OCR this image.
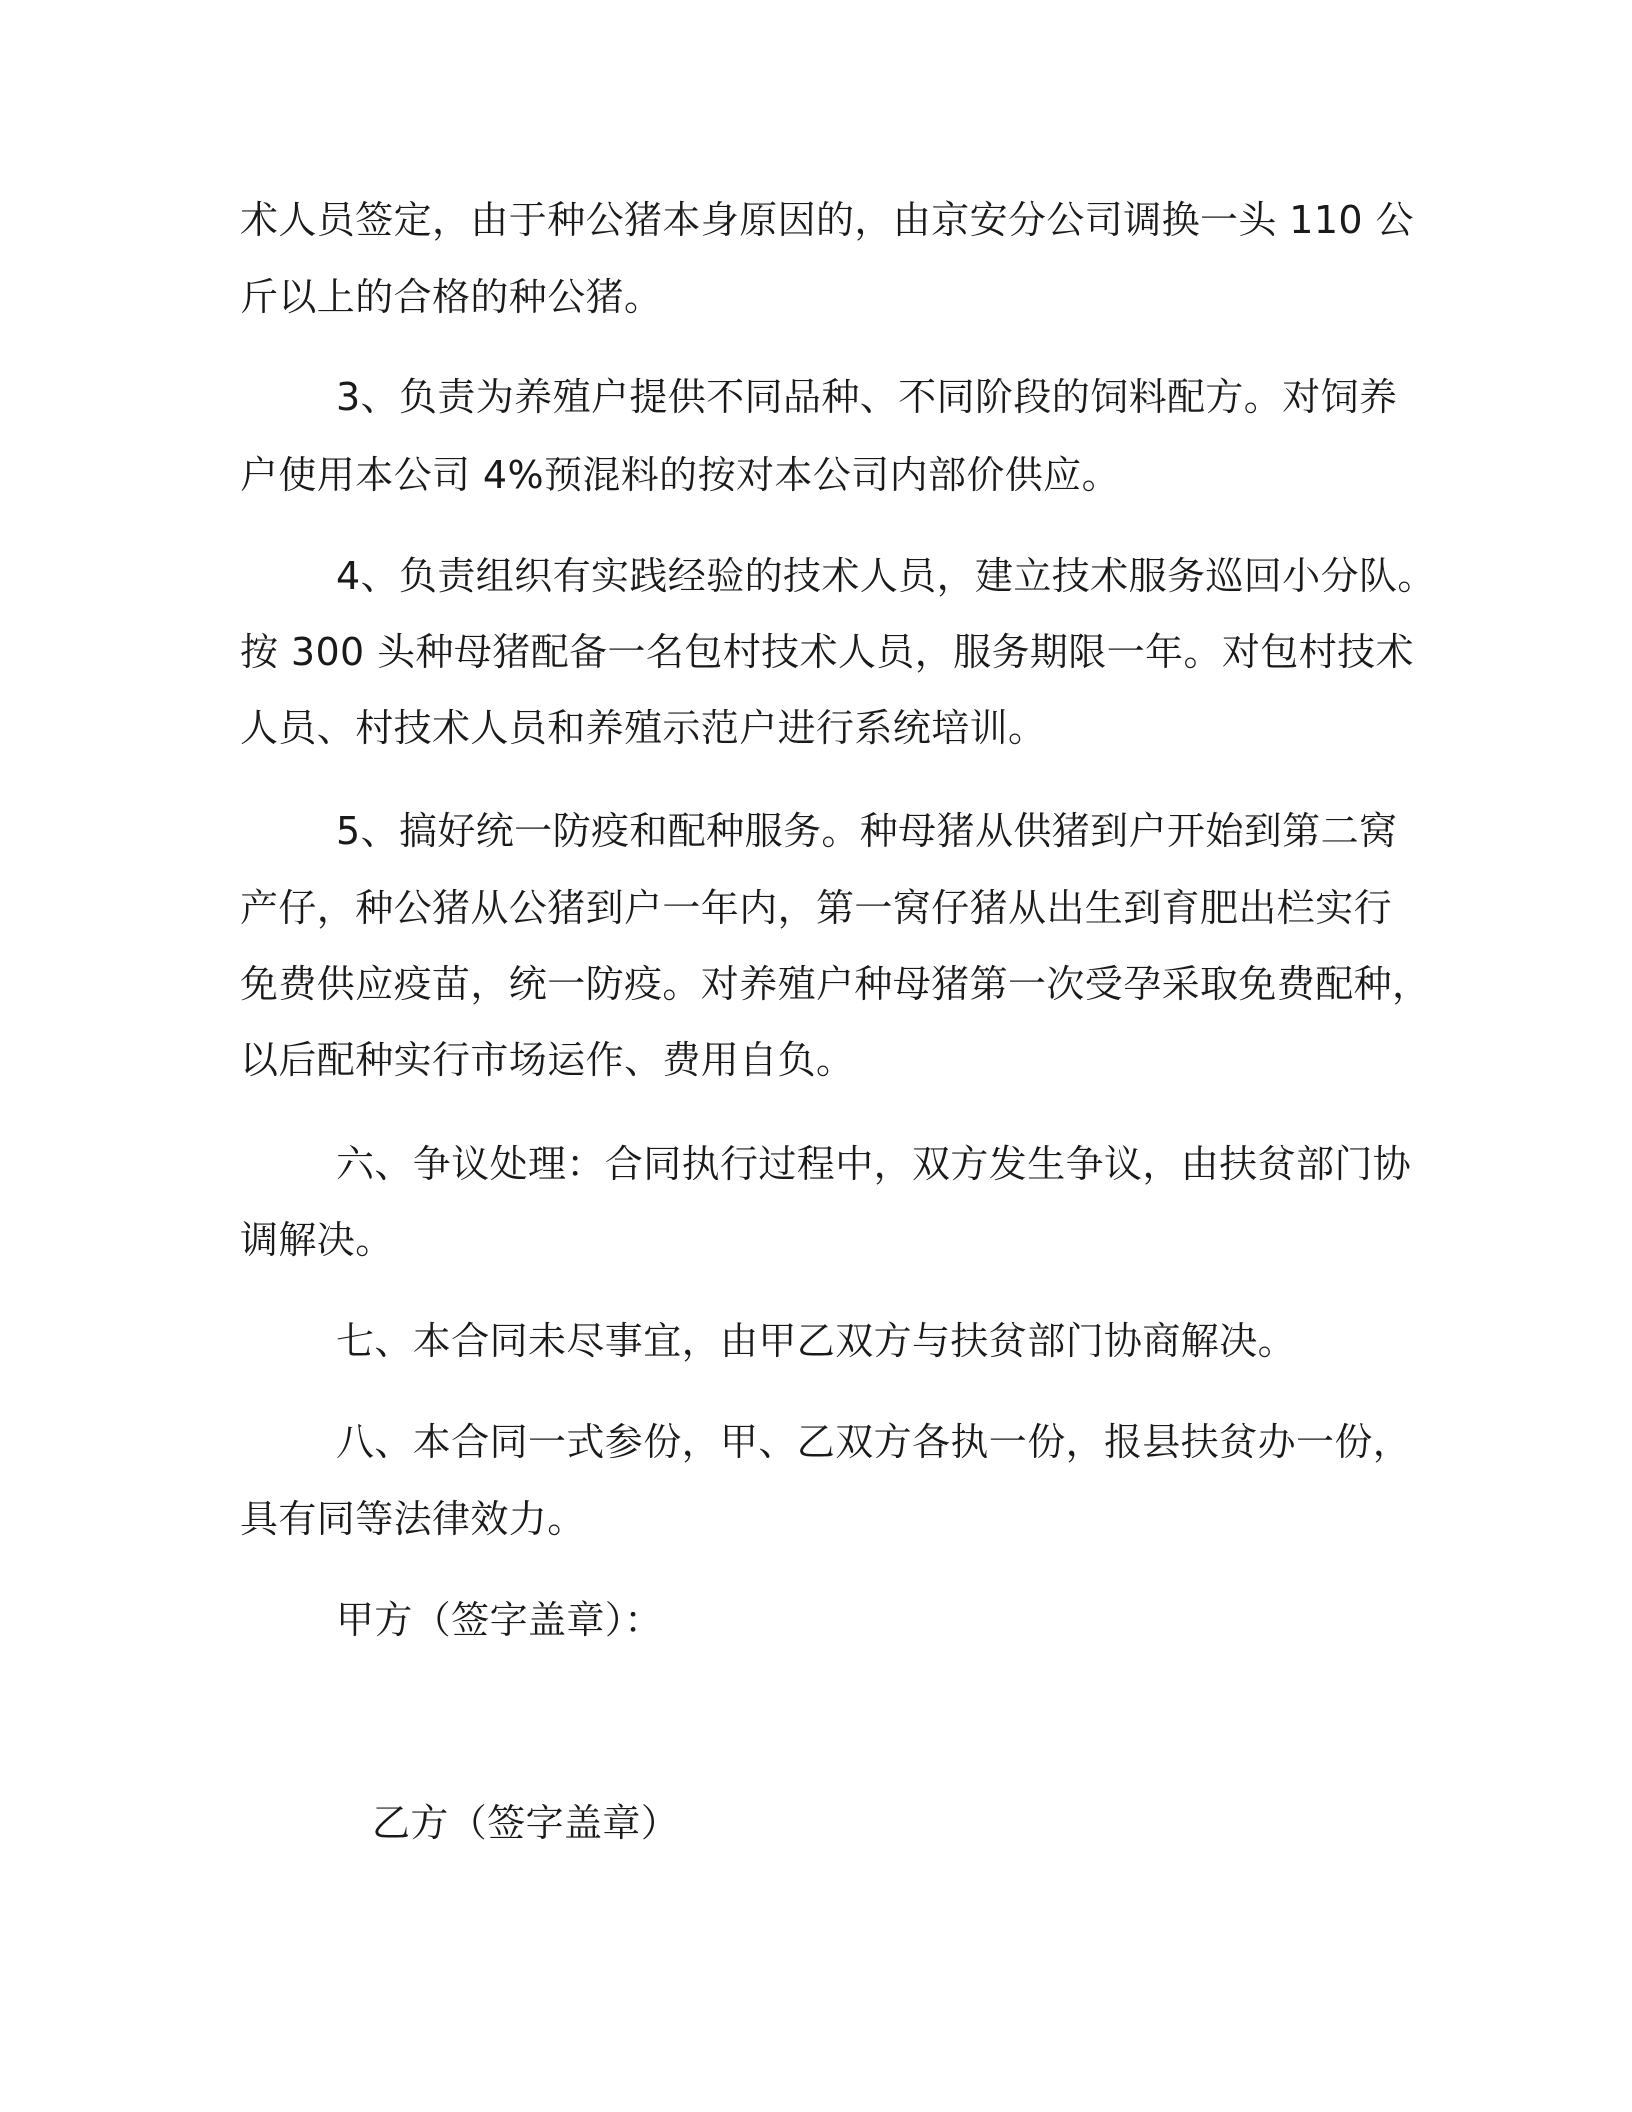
术人员签定，由于种公猪本身原因的，由京安分公司调换一头 110 公
斤以上的合格的种公猪。
3、负责为养殖户提供不同品种、不同阶段的饲料配方。对饲养
户使用本公司 4%预混料的按对本公司内部价供应。
4、负责组织有实践经验的技术人员，建立技术服务巡回小分队。
按 300 头种母猪配备一名包村技术人员，服务期限一年。对包村技术
人员、村技术人员和养殖示范户进行系统培训。
5、搞好统一防疫和配种服务。种母猪从供猪到户开始到第二窝
产仔，种公猪从公猪到户一年内，第一窝仔猪从出生到育肥出栏实行
免费供应疫苗，统一防疫。对养殖户种母猪第一次受孕采取免费配种，
以后配种实行市场运作、费用自负。
六、争议处理：合同执行过程中，双方发生争议，由扶贫部门协
调解决。
七、本合同未尽事宜，由甲乙双方与扶贫部门协商解决。
八、本合同一式参份，甲、乙双方各执一份，报县扶贫办一份，
具有同等法律效力。
甲方（签字盖章）：
乙方（签字盖章）
